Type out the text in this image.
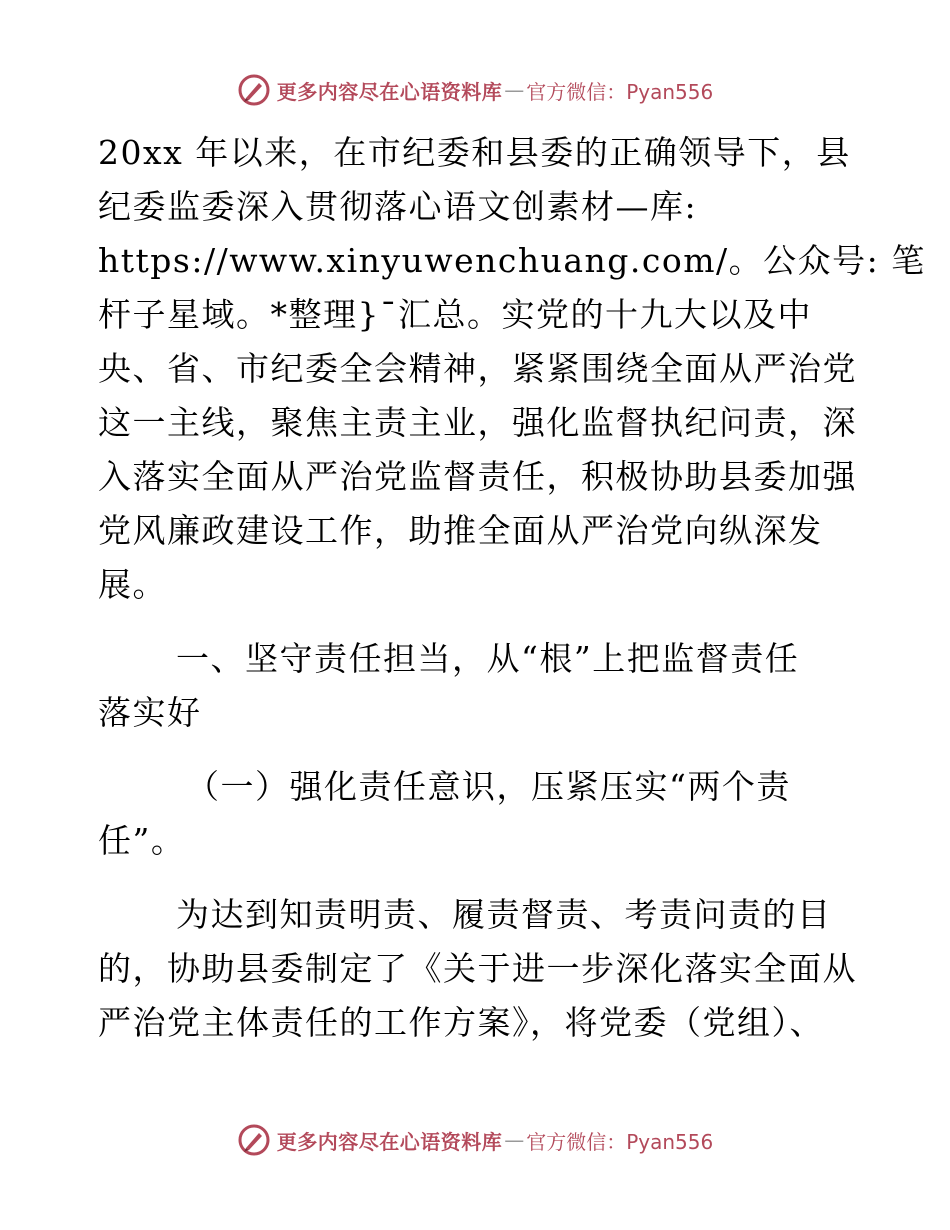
更多内容尽在心语资料库 — 官方微信：Pyan556
20xx 年以来，在市纪委和县委的正确领导下，县
纪委监委深入贯彻落心语文创素材—库:
https://www.xinyuwenchuang.com/。公众号: 笔
杆子星域。*整理}¯汇总。实党的十九大以及中
央、省、市纪委全会精神，紧紧围绕全面从严治党
这一主线，聚焦主责主业，强化监督执纪问责，深
入落实全面从严治党监督责任，积极协助县委加强
党风廉政建设工作，助推全面从严治党向纵深发
展。
一、坚守责任担当，从“根”上把监督责任
落实好
（一）强化责任意识，压紧压实“两个责
任”。
为达到知责明责、履责督责、考责问责的目
的，协助县委制定了《关于进一步深化落实全面从
严治党主体责任的工作方案》，将党委（党组）、
更多内容尽在心语资料库 — 官方微信：Pyan556
